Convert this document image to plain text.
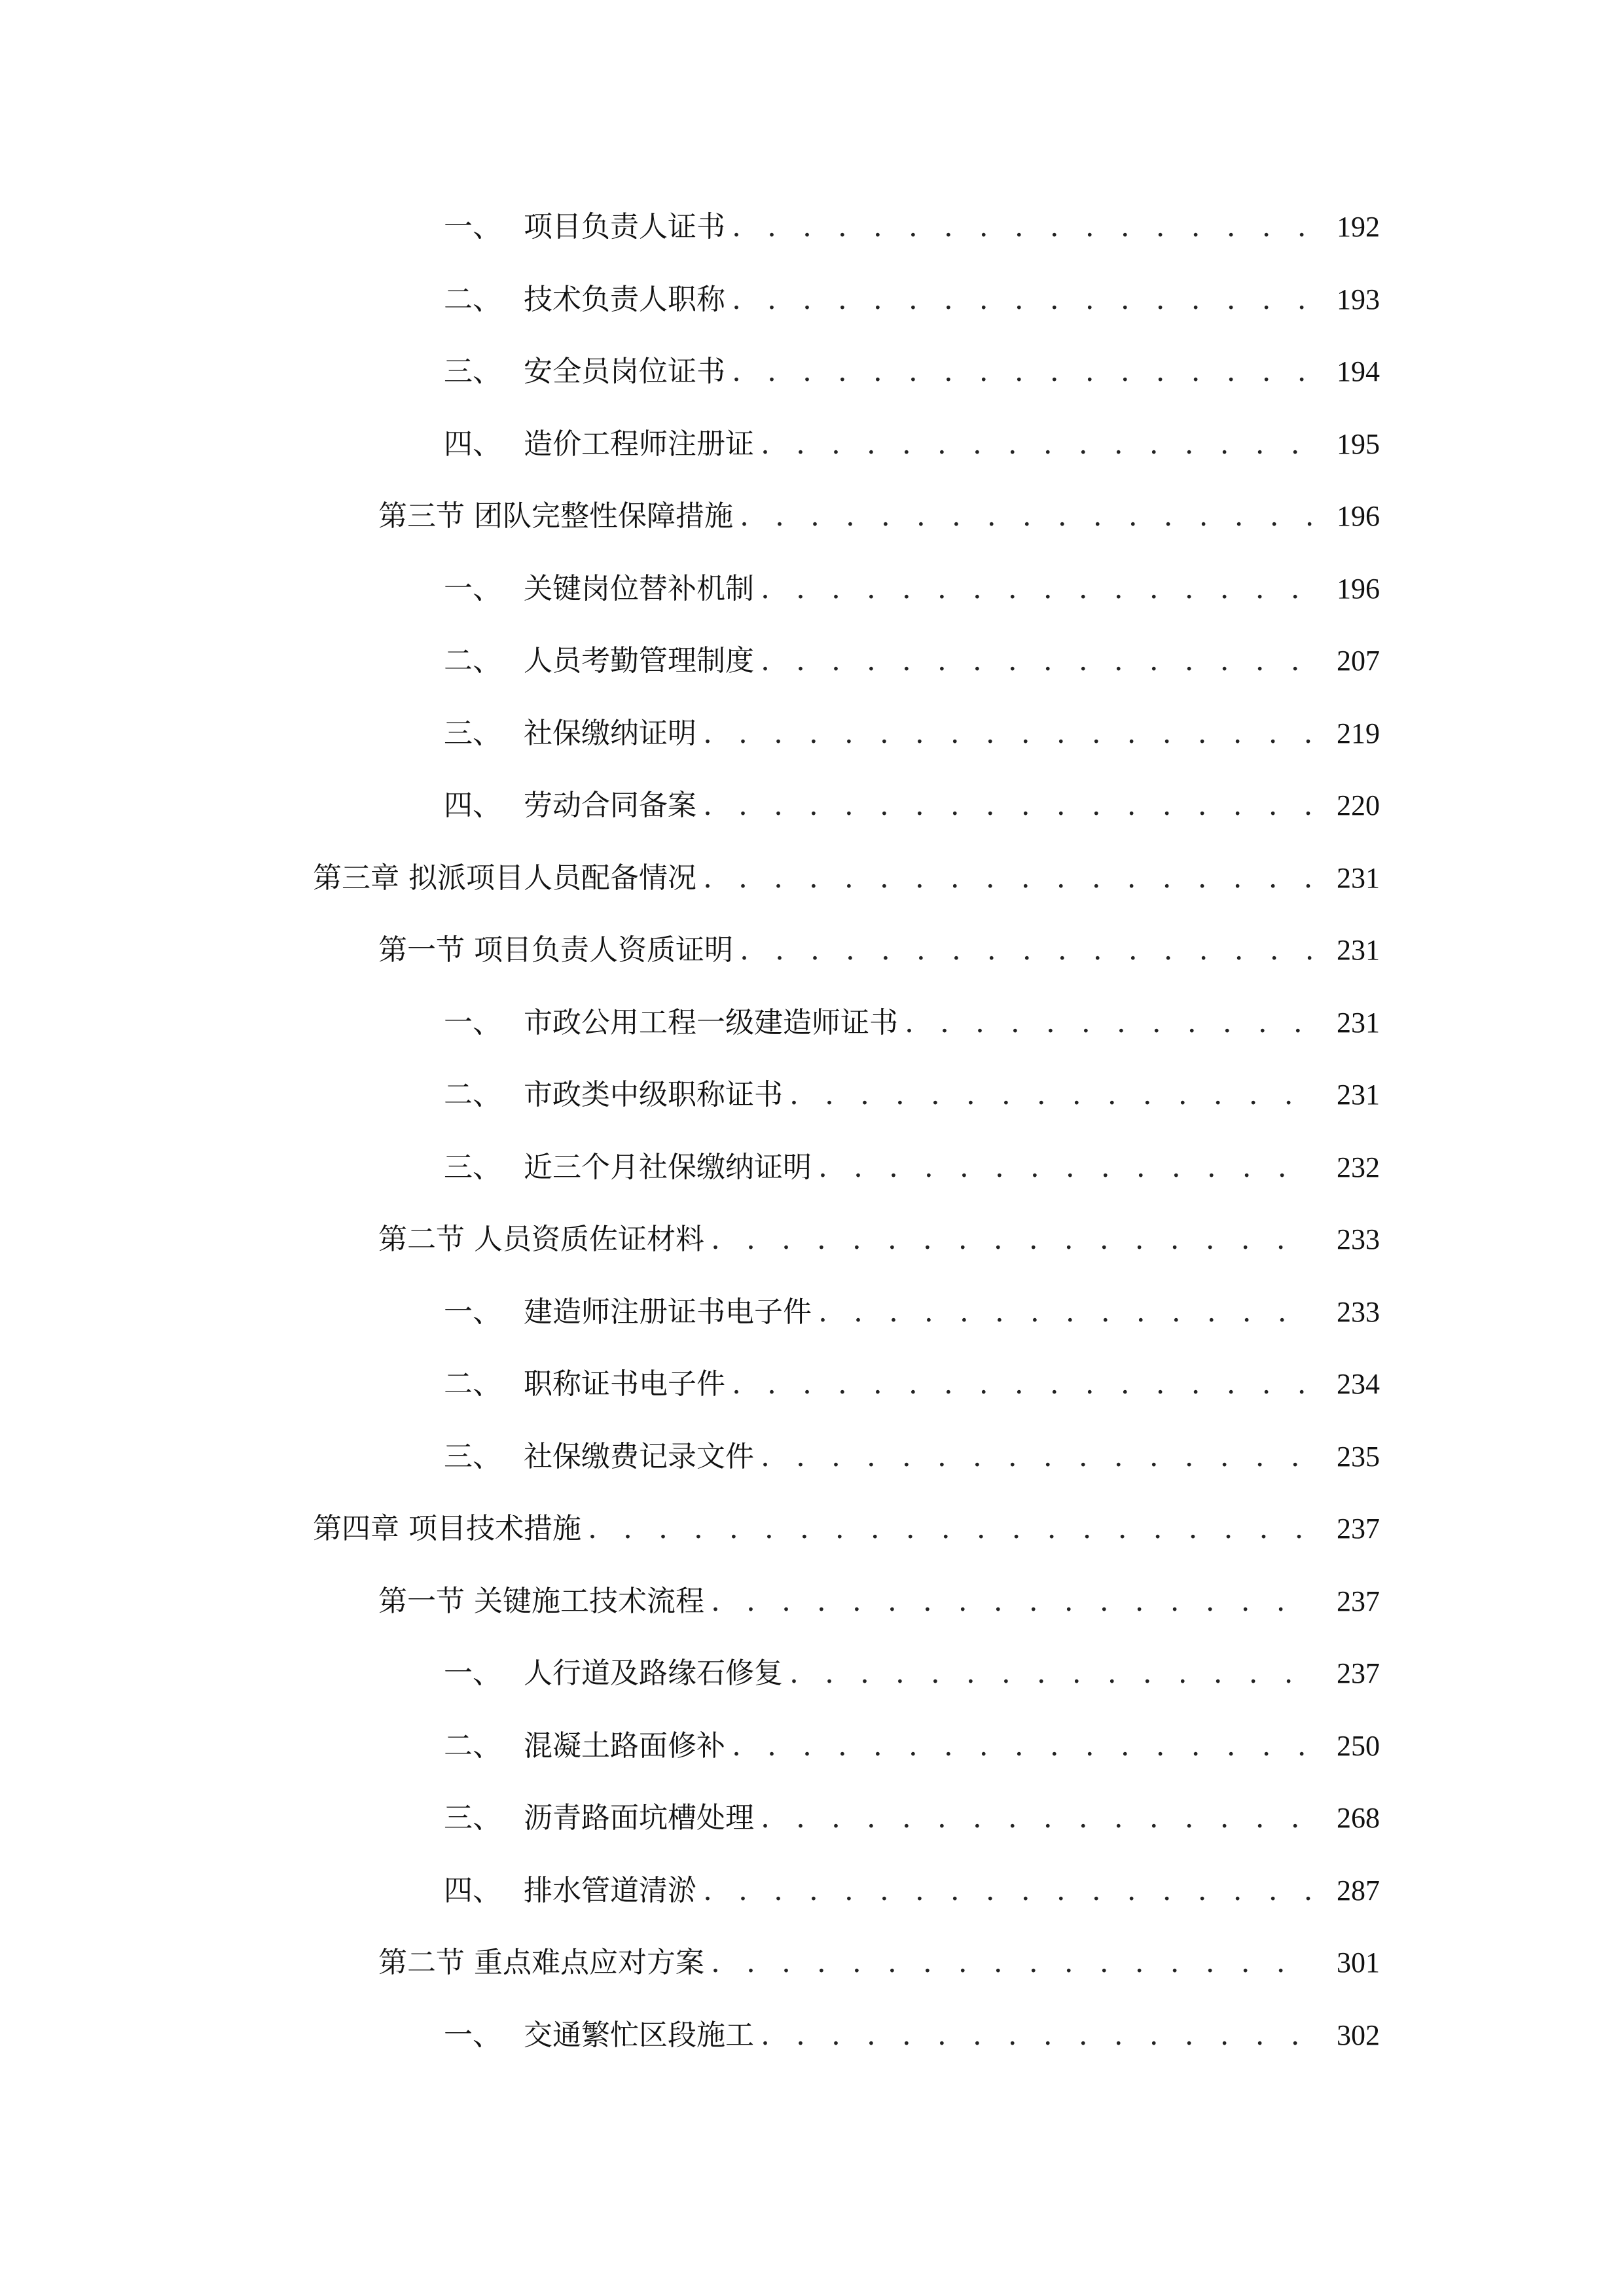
一、 项目负责人证书 . . .	192
二、 技术负责人职称 . . .	193
三、 安全员岗位证书 . . .	194
四、 造价工程师注册证 . . .	195
第三节 团队完整性保障措施 . . .	196
一、 关键岗位替补机制 . . .	196
二、 人员考勤管理制度 . . .	207
三、 社保缴纳证明 . . .	219
四、 劳动合同备案 . . .	220
第三章 拟派项目人员配备情况 . . .	231
第一节 项目负责人资质证明 . . .	231
一、 市政公用工程一级建造师证书 . . .	231
二、 市政类中级职称证书 . . .	231
三、 近三个月社保缴纳证明 . . .	232
第二节 人员资质佐证材料 . . .	233
一、 建造师注册证书电子件 . . .	233
二、 职称证书电子件 . . .	234
三、 社保缴费记录文件 . . .	235
第四章 项目技术措施 . . .	237
第一节 关键施工技术流程 . . .	237
一、 人行道及路缘石修复 . . .	237
二、 混凝土路面修补 . . .	250
三、 沥青路面坑槽处理 . . .	268
四、 排水管道清淤 . . .	287
第二节 重点难点应对方案 . . .	301
一、 交通繁忙区段施工 . . .	302
